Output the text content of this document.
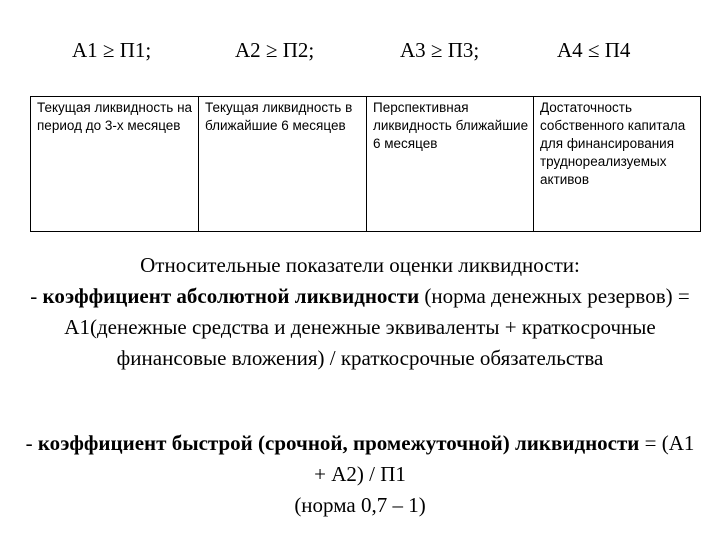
А1 ≥ П1;	А2 ≥ П2;	А3 ≥ П3;	А4 ≤ П4
Текущая ликвидность на период до 3-х месяцев	Текущая ликвидность в ближайшие 6 месяцев	Перспективная ликвидность ближайшие 6 месяцев	Достаточность собственного капитала для финансирования труднореализуемых активов
Относительные показатели оценки ликвидности:
- коэффициент абсолютной ликвидности (норма денежных резервов) = А1(денежные средства и денежные эквиваленты + краткосрочные финансовые вложения) / краткосрочные обязательства
- коэффициент быстрой (срочной, промежуточной) ликвидности = (А1 + А2) / П1
(норма 0,7 – 1)
